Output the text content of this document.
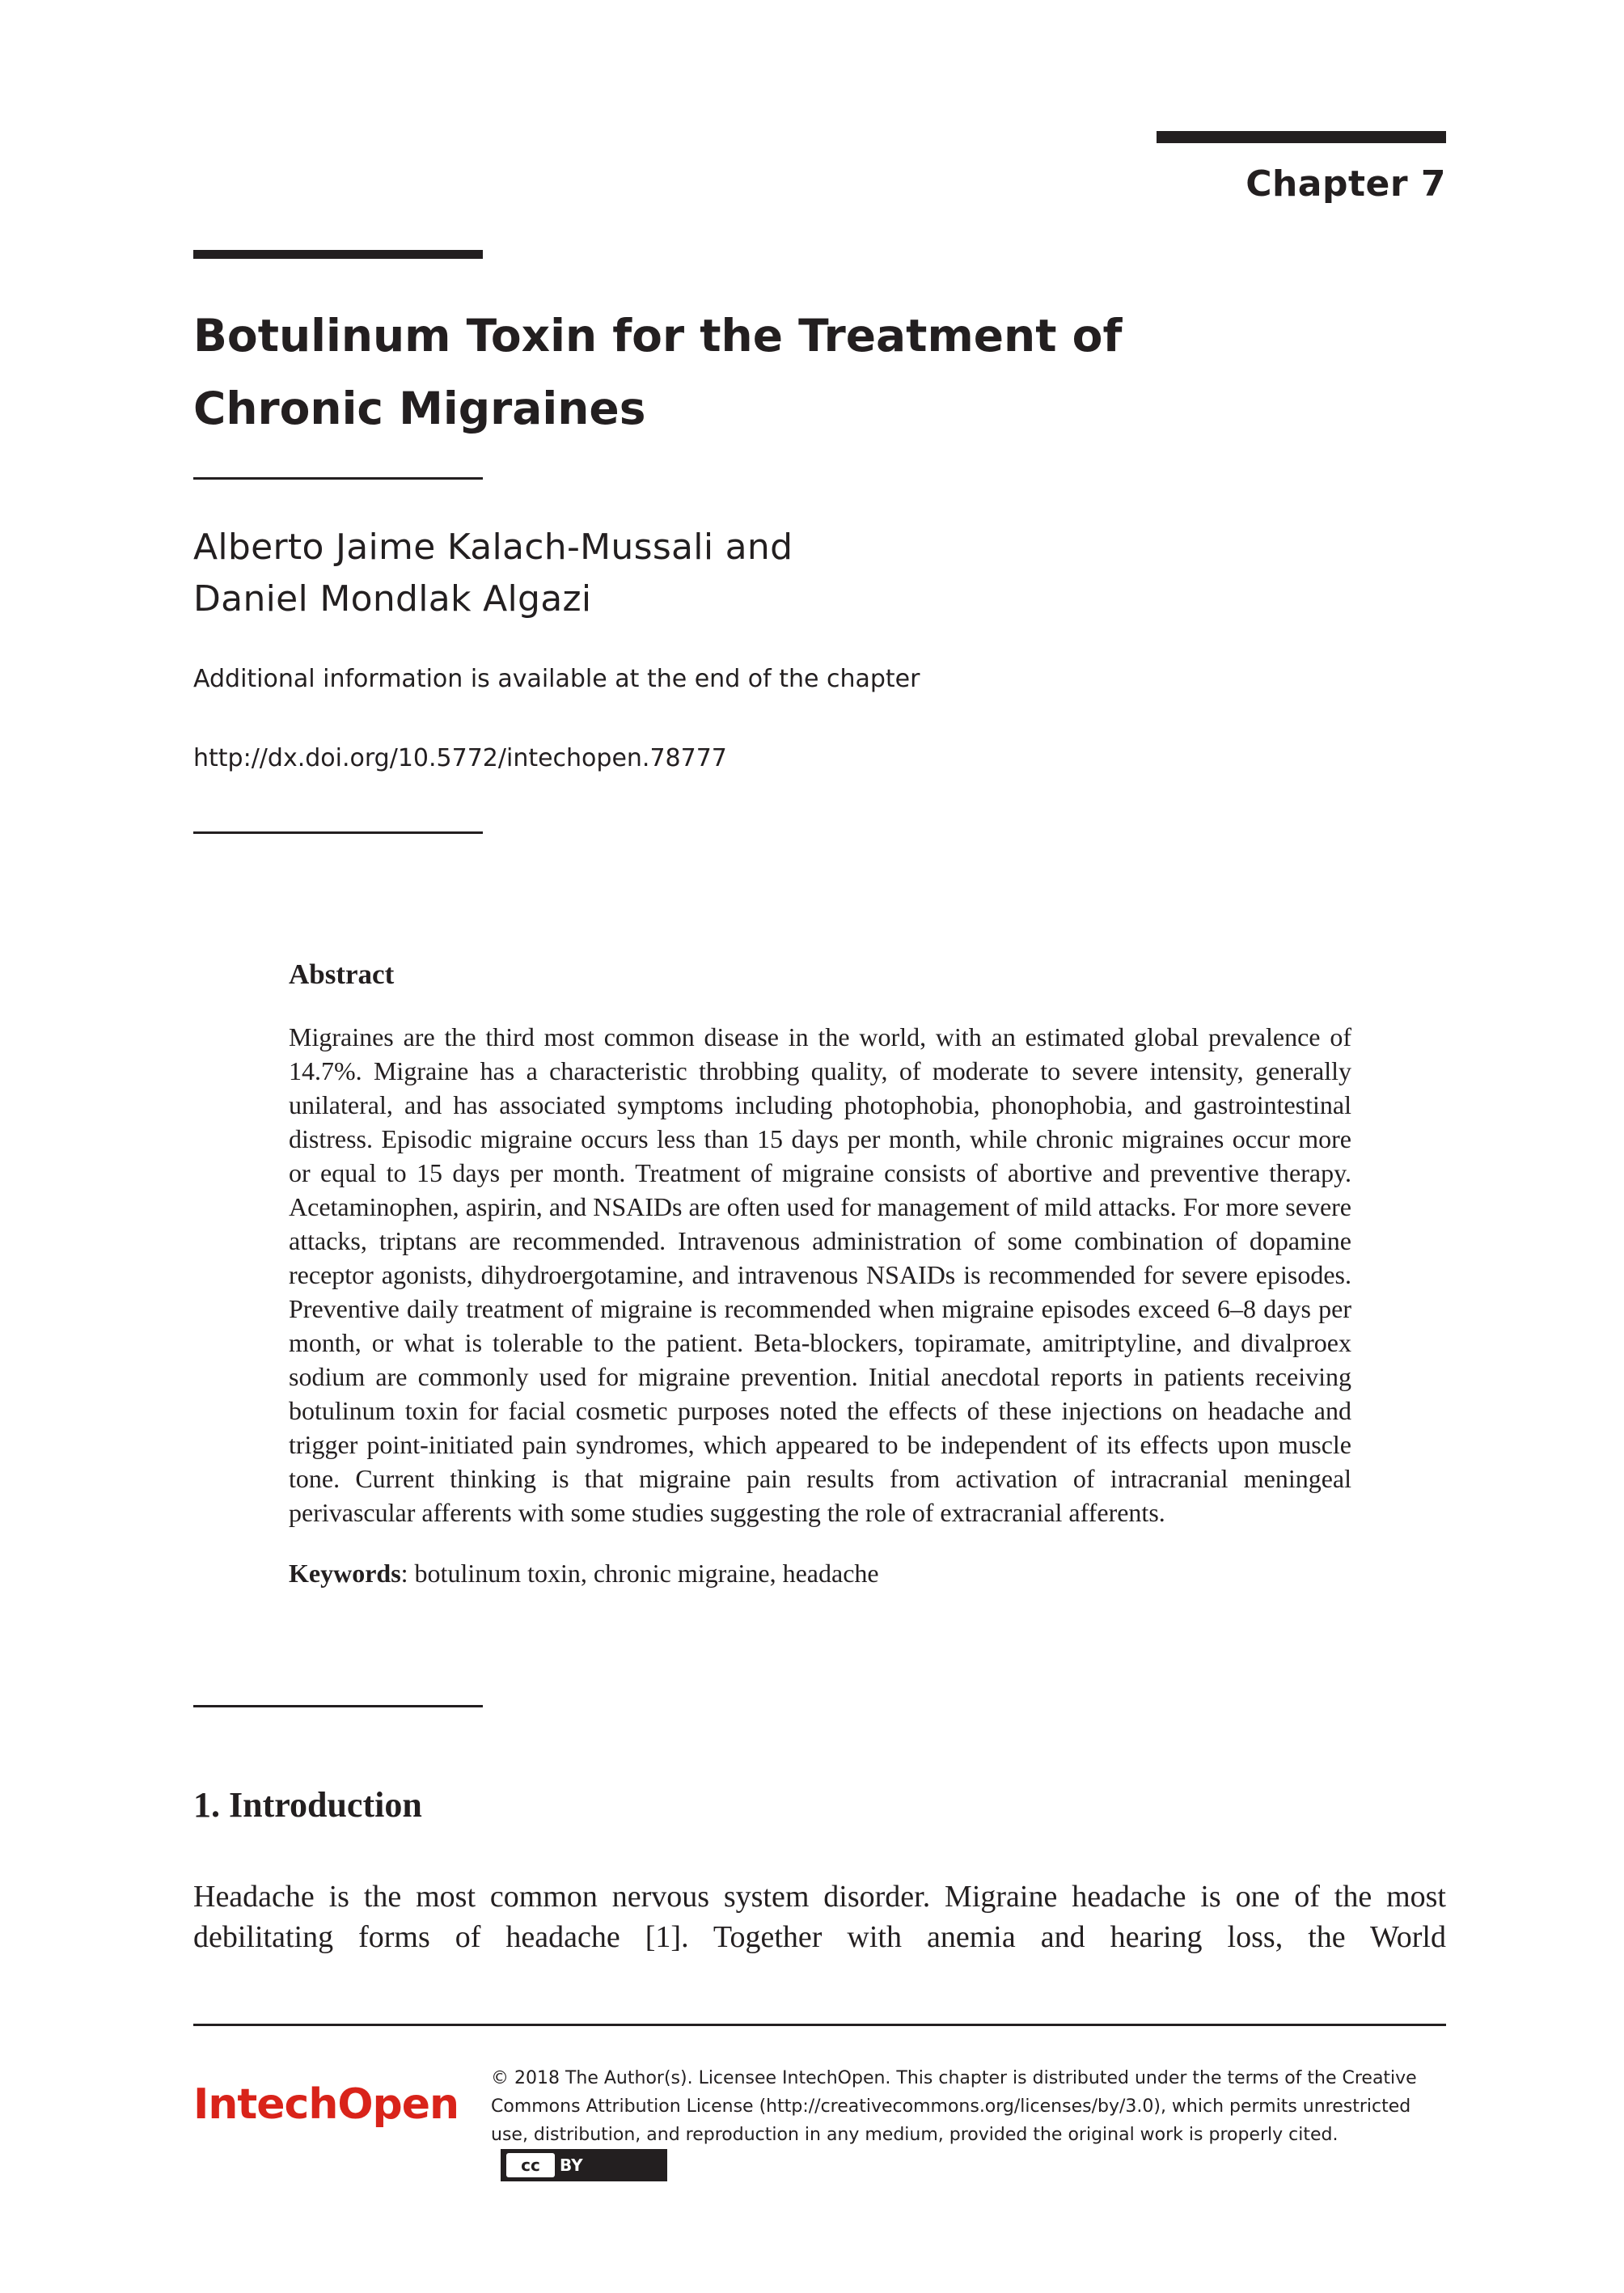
Chapter 7
Botulinum Toxin for the Treatment of Chronic Migraines
Alberto Jaime Kalach-Mussali and
Daniel Mondlak Algazi
Additional information is available at the end of the chapter
http://dx.doi.org/10.5772/intechopen.78777
Abstract
Migraines are the third most common disease in the world, with an estimated global prevalence of 14.7%. Migraine has a characteristic throbbing quality, of moderate to severe intensity, generally unilateral, and has associated symptoms including photophobia, phonophobia, and gastrointestinal distress. Episodic migraine occurs less than 15 days per month, while chronic migraines occur more or equal to 15 days per month. Treatment of migraine consists of abortive and preventive therapy. Acetaminophen, aspirin, and NSAIDs are often used for management of mild attacks. For more severe attacks, triptans are recommended. Intravenous administration of some combination of dopamine receptor agonists, dihydroergotamine, and intravenous NSAIDs is recommended for severe episodes. Preventive daily treatment of migraine is recommended when migraine episodes exceed 6–8 days per month, or what is tolerable to the patient. Beta-blockers, topiramate, amitriptyline, and divalproex sodium are commonly used for migraine prevention. Initial anecdotal reports in patients receiving botulinum toxin for facial cosmetic purposes noted the effects of these injections on headache and trigger point-initiated pain syndromes, which appeared to be independent of its effects upon muscle tone. Current thinking is that migraine pain results from activation of intracranial meningeal perivascular afferents with some studies suggesting the role of extracranial afferents.
Keywords: botulinum toxin, chronic migraine, headache
1. Introduction
Headache is the most common nervous system disorder. Migraine headache is one of the most debilitating forms of headache [1]. Together with anemia and hearing loss, the World
IntechOpen
© 2018 The Author(s). Licensee IntechOpen. This chapter is distributed under the terms of the Creative Commons Attribution License (http://creativecommons.org/licenses/by/3.0), which permits unrestricted use, distribution, and reproduction in any medium, provided the original work is properly cited.
cc	BY
